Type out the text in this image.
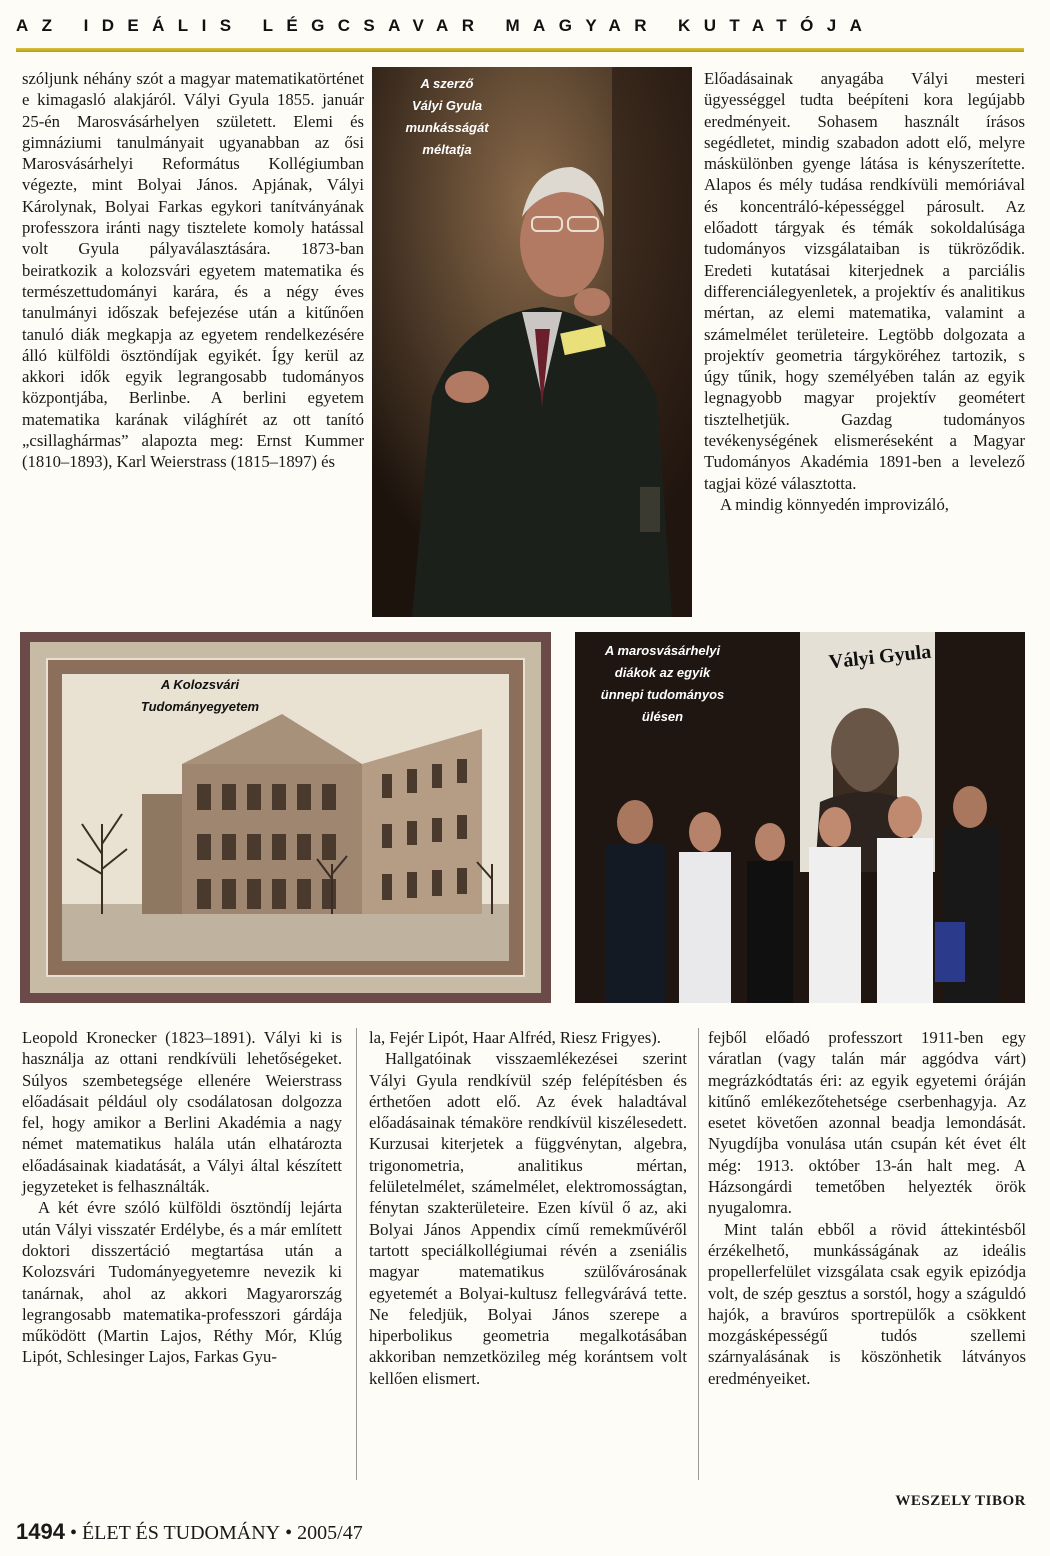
AZ IDEÁLIS LÉGCSAVAR MAGYAR KUTATÓJA

szóljunk néhány szót a magyar matematikatörténet e kimagasló alakjáról. Vályi Gyula 1855. január 25-én Marosvásárhelyen született. Elemi és gimnáziumi tanulmányait ugyanabban az ősi Marosvásárhelyi Református Kollégiumban végezte, mint Bolyai János. Apjának, Vályi Károlynak, Bolyai Farkas egykori tanítványának professzora iránti nagy tisztelete komoly hatással volt Gyula pályaválasztására. 1873-ban beiratkozik a kolozsvári egyetem matematika és természettudományi karára, és a négy éves tanulmányi időszak befejezése után a kitűnően tanuló diák megkapja az egyetem rendelkezésére álló külföldi ösztöndíjak egyikét. Így kerül az akkori idők egyik legrangosabb tudományos központjába, Berlinbe. A berlini egyetem matematika karának világhírét az ott tanító „csillaghármas” alapozta meg: Ernst Kummer (1810–1893), Karl Weierstrass (1815–1897) és

A szerző
Vályi Gyula
munkásságát
méltatja

Előadásainak anyagába Vályi mesteri ügyességgel tudta beépíteni kora legújabb eredményeit. Sohasem használt írásos segédletet, mindig szabadon adott elő, melyre máskülönben gyenge látása is kényszerítette. Alapos és mély tudása rendkívüli memóriával és koncentráló-képességgel párosult. Az előadott tárgyak és témák sokoldalúsága tudományos vizsgálataiban is tükröződik. Eredeti kutatásai kiterjednek a parciális differenciálegyenletek, a projektív és analitikus mértan, az elemi matematika, valamint a számelmélet területeire. Legtöbb dolgozata a projektív geometria tárgyköréhez tartozik, s úgy tűnik, hogy személyében talán az egyik legnagyobb magyar projektív geométert tisztelhetjük. Gazdag tudományos tevékenységének elismeréseként a Magyar Tudományos Akadémia 1891-ben a levelező tagjai közé választotta.

A mindig könnyedén improvizáló,

A Kolozsvári
Tudományegyetem
Vályi Gyula
A marosvásárhelyi
diákok az egyik
ünnepi tudományos
ülésen

Leopold Kronecker (1823–1891). Vályi ki is használja az ottani rendkívüli lehetőségeket. Súlyos szembetegsége ellenére Weierstrass előadásait például oly csodálatosan dolgozza fel, hogy amikor a Berlini Akadémia a nagy német matematikus halála után elhatározta előadásainak kiadatását, a Vályi által készített jegyzeteket is felhasználták.

A két évre szóló külföldi ösztöndíj lejárta után Vályi visszatér Erdélybe, és a már említett doktori disszertáció megtartása után a Kolozsvári Tudományegyetemre nevezik ki tanárnak, ahol az akkori Magyarország legrangosabb matematika-professzori gárdája működött (Martin Lajos, Réthy Mór, Klúg Lipót, Schlesinger Lajos, Farkas Gyu-

la, Fejér Lipót, Haar Alfréd, Riesz Frigyes).

Hallgatóinak visszaemlékezései szerint Vályi Gyula rendkívül szép felépítésben és érthetően adott elő. Az évek haladtával előadásainak témaköre rendkívül kiszélesedett. Kurzusai kiterjetek a függvénytan, algebra, trigonometria, analitikus mértan, felületelmélet, számelmélet, elektromosságtan, fénytan szakterületeire. Ezen kívül ő az, aki Bolyai János Appendix című remekművéről tartott speciálkollégiumai révén a zseniális magyar matematikus szülővárosának egyetemét a Bolyai-kultusz fellegvárává tette. Ne feledjük, Bolyai János szerepe a hiperbolikus geometria megalkotásában akkoriban nemzetközileg még korántsem volt kellően elismert.

fejből előadó professzort 1911-ben egy váratlan (vagy talán már aggódva várt) megrázkódtatás éri: az egyik egyetemi óráján kitűnő emlékezőtehetsége cserbenhagyja. Az esetet követően azonnal beadja lemondását. Nyugdíjba vonulása után csupán két évet élt még: 1913. október 13-án halt meg. A Házsongárdi temetőben helyezték örök nyugalomra.

Mint talán ebből a rövid áttekintésből érzékelhető, munkásságának az ideális propellerfelület vizsgálata csak egyik epizódja volt, de szép gesztus a sorstól, hogy a száguldó hajók, a bravúros sportrepülők a csökkent mozgásképességű tudós szellemi szárnyalásának is köszönhetik látványos eredményeiket.

WESZELY TIBOR
1494 • ÉLET ÉS TUDOMÁNY • 2005/47
